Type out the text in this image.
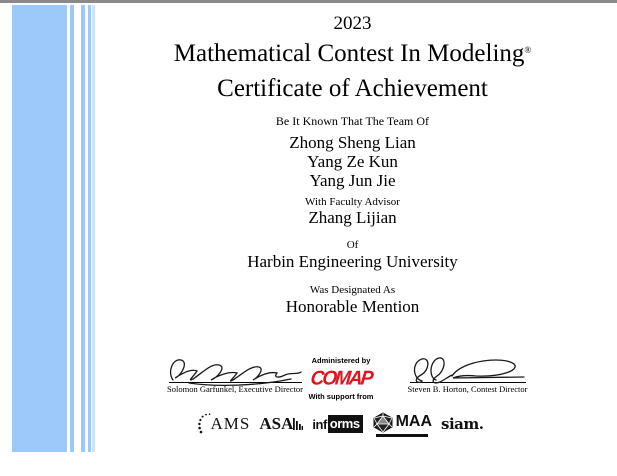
2023
Mathematical Contest In Modeling®
Certificate of Achievement
Be It Known That The Team Of
Zhong Sheng Lian
Yang Ze Kun
Yang Jun Jie
With Faculty Advisor
Zhang Lijian
Of
Harbin Engineering University
Was Designated As
Honorable Mention
Solomon Garfunkel, Executive Director
Administered by
COMAP
With support from
Steven B. Horton, Contest Director
AMS ASA inf orms MAA siam.
